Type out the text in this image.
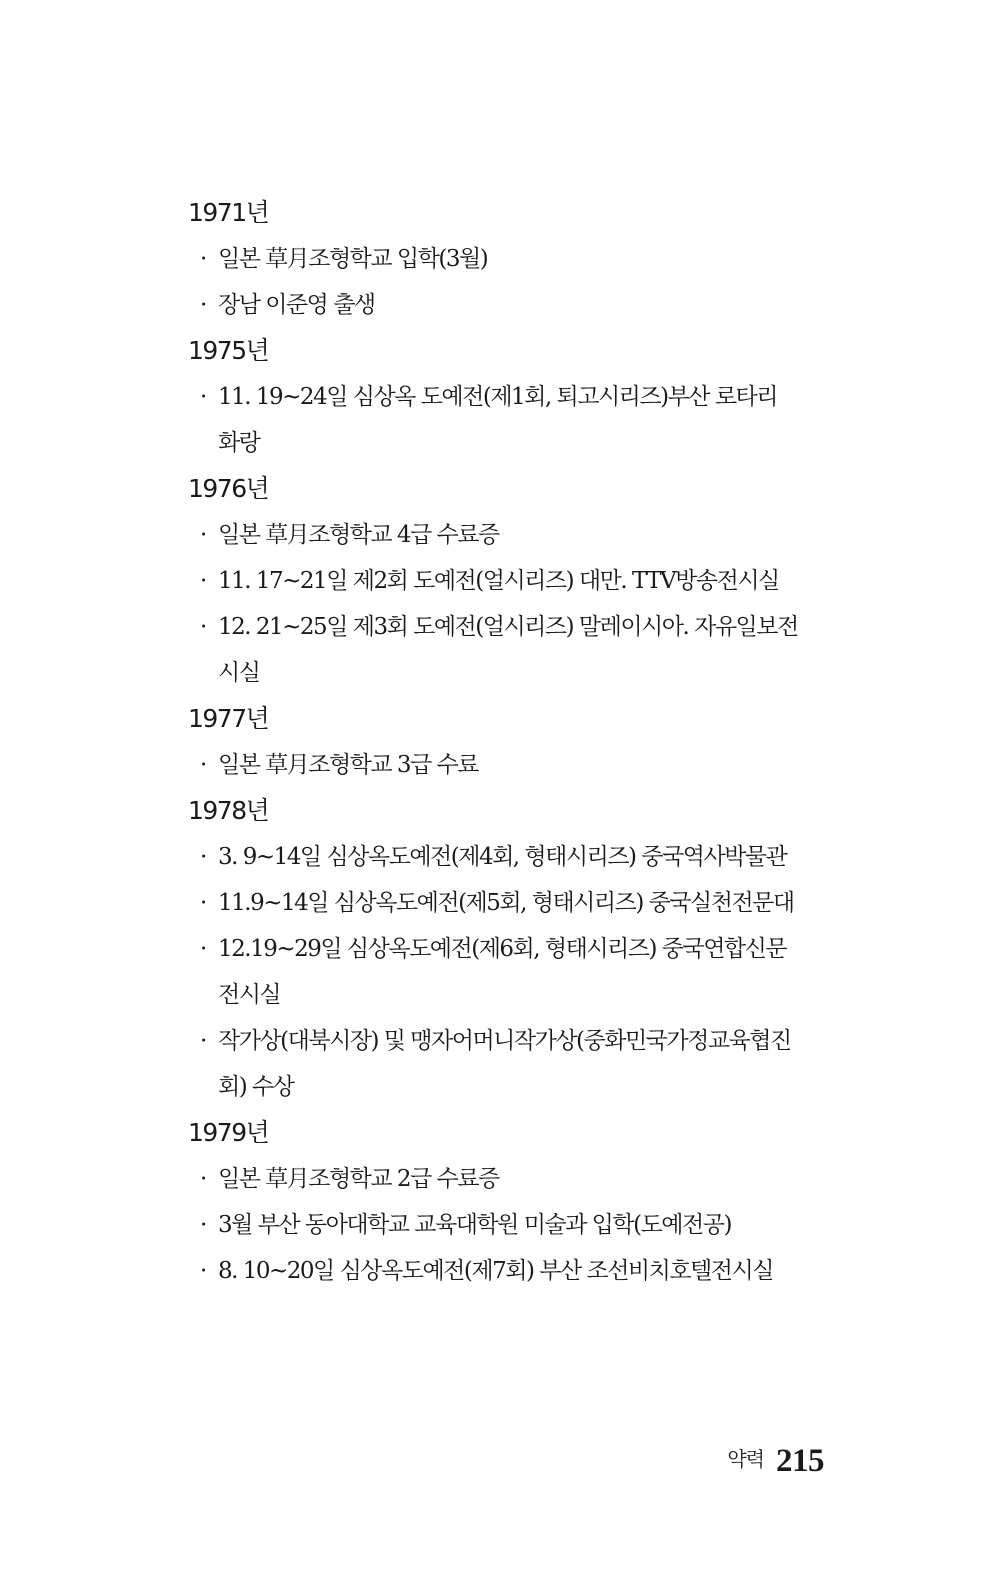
1971년
· 일본 草月조형학교 입학(3월)
· 장남 이준영 출생
1975년
· 11. 19~24일 심상옥 도예전(제1회, 퇴고시리즈)부산 로타리
화랑
1976년
· 일본 草月조형학교 4급 수료증
· 11. 17~21일 제2회 도예전(얼시리즈) 대만. TTV방송전시실
· 12. 21~25일 제3회 도예전(얼시리즈) 말레이시아. 자유일보전
시실
1977년
· 일본 草月조형학교 3급 수료
1978년
· 3. 9~14일 심상옥도예전(제4회, 형태시리즈) 중국역사박물관
· 11.9~14일 심상옥도예전(제5회, 형태시리즈) 중국실천전문대
· 12.19~29일 심상옥도예전(제6회, 형태시리즈) 중국연합신문
전시실
· 작가상(대북시장) 및 맹자어머니작가상(중화민국가정교육협진
회) 수상
1979년
· 일본 草月조형학교 2급 수료증
· 3월 부산 동아대학교 교육대학원 미술과 입학(도예전공)
· 8. 10~20일 심상옥도예전(제7회) 부산 조선비치호텔전시실
약력 215
